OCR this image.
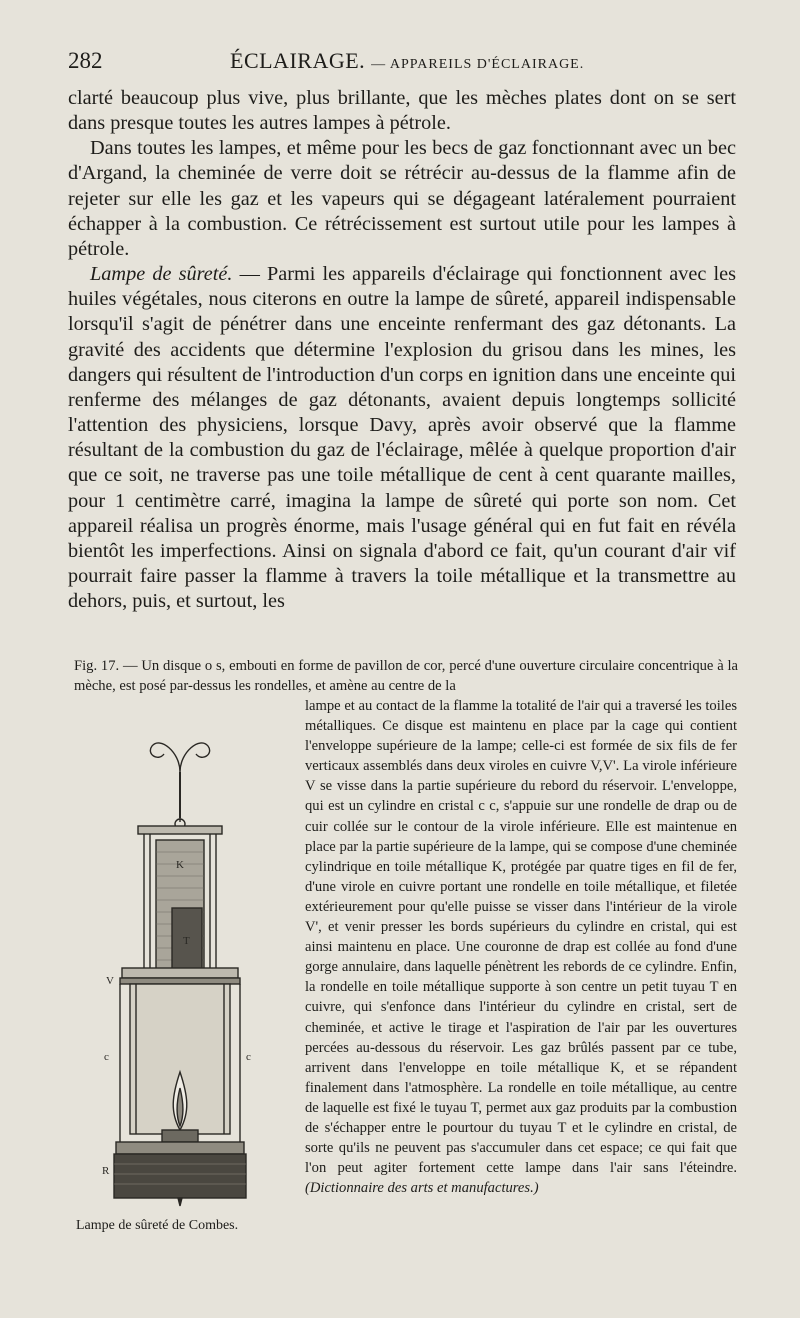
282	ÉCLAIRAGE. — APPAREILS D'ÉCLAIRAGE.

clarté beaucoup plus vive, plus brillante, que les mèches plates dont on se sert dans presque toutes les autres lampes à pétrole.

Dans toutes les lampes, et même pour les becs de gaz fonctionnant avec un bec d'Argand, la cheminée de verre doit se rétrécir au-dessus de la flamme afin de rejeter sur elle les gaz et les vapeurs qui se dégageant latéralement pourraient échapper à la combustion. Ce rétrécissement est surtout utile pour les lampes à pétrole.

Lampe de sûreté. — Parmi les appareils d'éclairage qui fonctionnent avec les huiles végétales, nous citerons en outre la lampe de sûreté, appareil indispensable lorsqu'il s'agit de pénétrer dans une enceinte renfermant des gaz détonants. La gravité des accidents que détermine l'explosion du grisou dans les mines, les dangers qui résultent de l'introduction d'un corps en ignition dans une enceinte qui renferme des mélanges de gaz détonants, avaient depuis longtemps sollicité l'attention des physiciens, lorsque Davy, après avoir observé que la flamme résultant de la combustion du gaz de l'éclairage, mêlée à quelque proportion d'air que ce soit, ne traverse pas une toile métallique de cent à cent quarante mailles, pour 1 centimètre carré, imagina la lampe de sûreté qui porte son nom. Cet appareil réalisa un progrès énorme, mais l'usage général qui en fut fait en révéla bientôt les imperfections. Ainsi on signala d'abord ce fait, qu'un courant d'air vif pourrait faire passer la flamme à travers la toile métallique et la transmettre au dehors, puis, et surtout, les

Fig. 17. — Un disque o s, embouti en forme de pavillon de cor, percé d'une ouverture circulaire concentrique à la mèche, est posé par-dessus les rondelles, et amène au centre de la

lampe et au contact de la flamme la totalité de l'air qui a traversé les toiles métalliques. Ce disque est maintenu en place par la cage qui contient l'enveloppe supérieure de la lampe; celle-ci est formée de six fils de fer verticaux assemblés dans deux viroles en cuivre V,V'. La virole inférieure V se visse dans la partie supérieure du rebord du réservoir. L'enveloppe, qui est un cylindre en cristal c c, s'appuie sur une rondelle de drap ou de cuir collée sur le contour de la virole inférieure. Elle est maintenue en place par la partie supérieure de la lampe, qui se compose d'une cheminée cylindrique en toile métallique K, protégée par quatre tiges en fil de fer, d'une virole en cuivre portant une rondelle en toile métallique, et filetée extérieurement pour qu'elle puisse se visser dans l'intérieur de la virole V', et venir presser les bords supérieurs du cylindre en cristal, qui est ainsi maintenu en place. Une couronne de drap est collée au fond d'une gorge annulaire, dans laquelle pénètrent les rebords de ce cylindre. Enfin, la rondelle en toile métallique supporte à son centre un petit tuyau T en cuivre, qui s'enfonce dans l'intérieur du cylindre en cristal, sert de cheminée, et active le tirage et l'aspiration de l'air par les ouvertures percées au-dessous du réservoir. Les gaz brûlés passent par ce tube, arrivent dans l'enveloppe en toile métallique K, et se répandent finalement dans l'atmosphère. La rondelle en toile métallique, au centre de laquelle est fixé le tuyau T, permet aux gaz produits par la combustion de s'échapper entre le pourtour du tuyau T et le cylindre en cristal, de sorte qu'ils ne peuvent pas s'accumuler dans cet espace; ce qui fait que l'on peut agiter fortement cette lampe dans l'air sans l'éteindre. (Dictionnaire des arts et manufactures.)

K
T
V
c	c
R
Lampe de sûreté de Combes.
